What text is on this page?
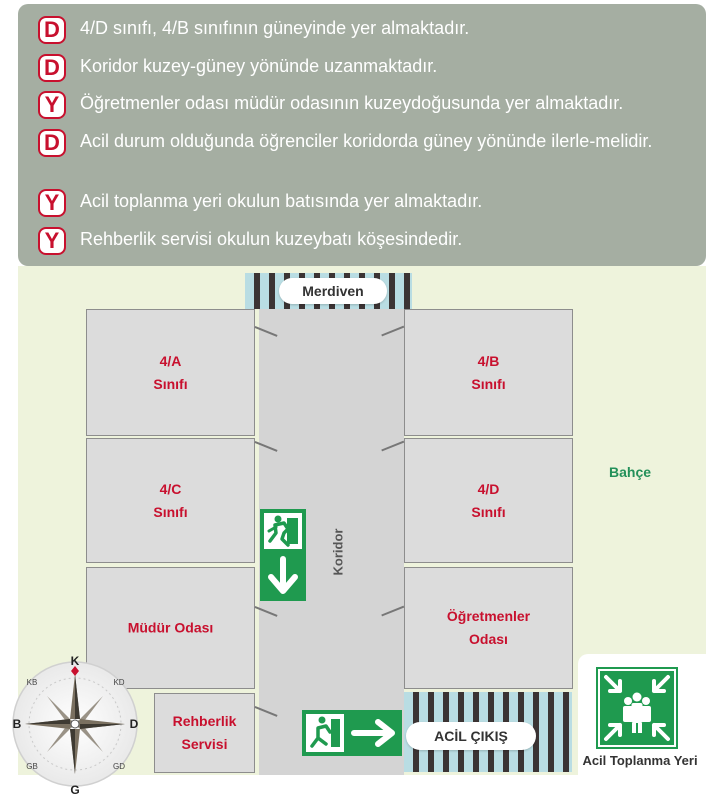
D	4/D sınıfı, 4/B sınıfının güneyinde yer almaktadır.
D	Koridor kuzey-güney yönünde uzanmaktadır.
Y	Öğretmenler odası müdür odasının kuzeydoğusunda yer almaktadır.
D	Acil durum olduğunda öğrenciler koridorda güney yönünde ilerle-melidir.
Y	Acil toplanma yeri okulun batısında yer almaktadır.
Y	Rehberlik servisi okulun kuzeybatı köşesindedir.
Merdiven
Koridor
4/A
Sınıfı
4/B
Sınıfı
4/C
Sınıfı
4/D
Sınıfı
Müdür Odası
Öğretmenler
Odası
Rehberlik
Servisi	ACİL ÇIKIŞ
Bahçe
Acil Toplanma Yeri
K
G
B	D
KD
KB
GD
GB
